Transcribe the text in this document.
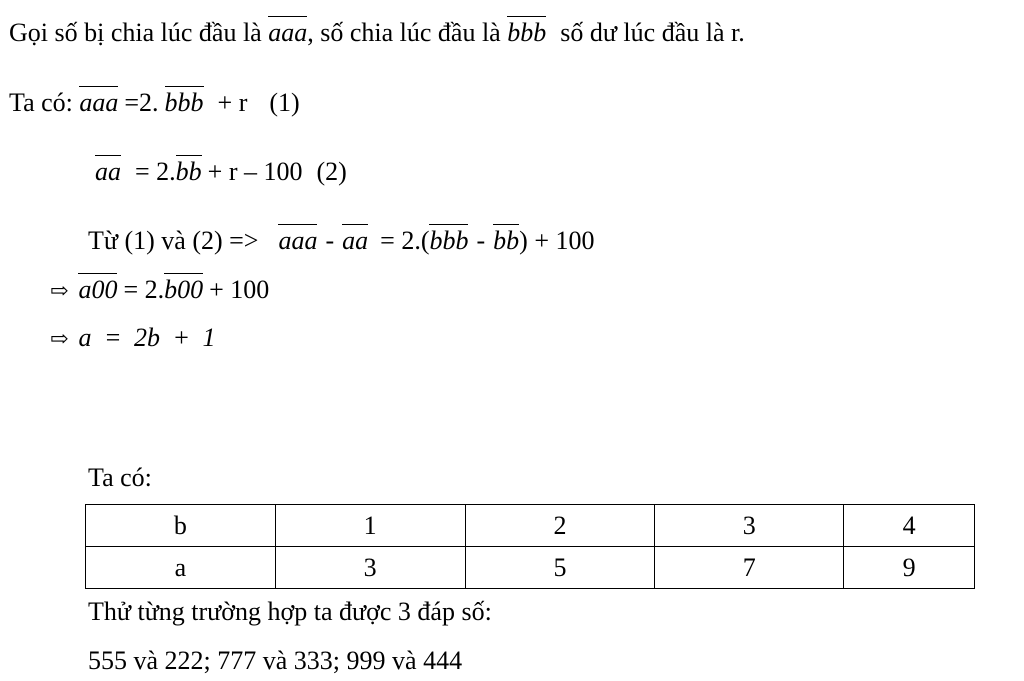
Gọi số bị chia lúc đầu là aaa, số chia lúc đầu là bbb số dư lúc đầu là r.
Ta có: aaa =2. bbb + r (1)
aa = 2.bb + r – 100 (2)
Từ (1) và (2) => aaa - aa = 2.(bbb - bb) + 100
⇨ a00 = 2.b00 + 100
⇨ a = 2b + 1
Ta có:
b	1	2	3	4
a	3	5	7	9
Thử từng trường hợp ta được 3 đáp số:
555 và 222; 777 và 333; 999 và 444
